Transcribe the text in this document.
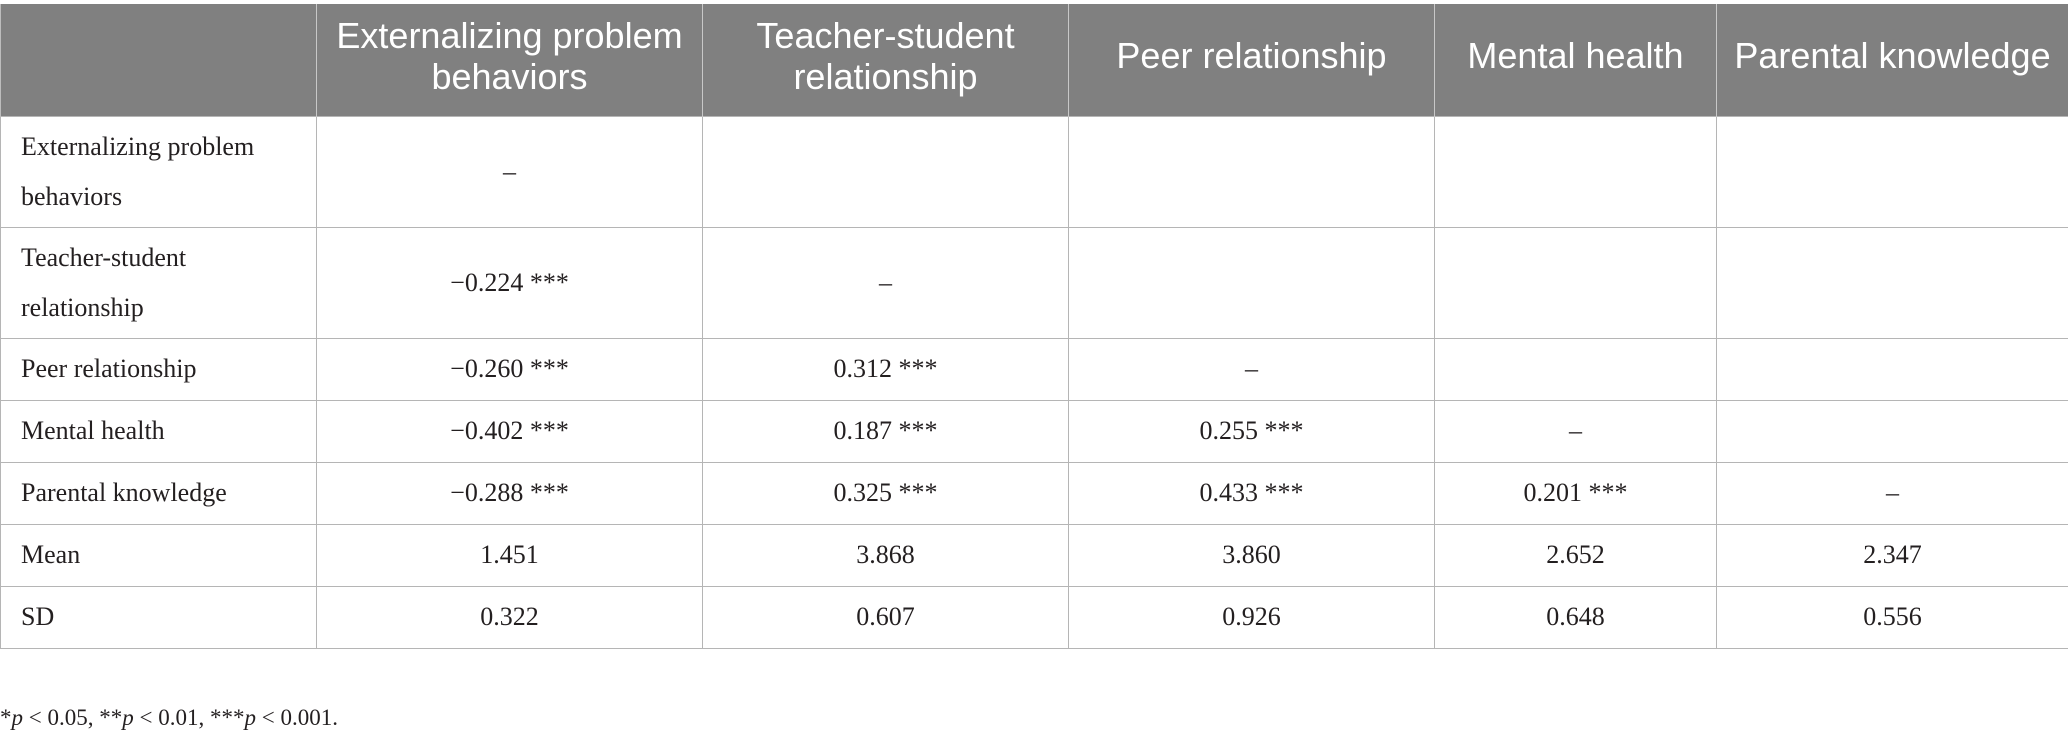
	Externalizing problem behaviors	Teacher-student relationship	Peer relationship	Mental health	Parental knowledge
Externalizing problem behaviors	–				
Teacher-student relationship	−0.224 ***	–			
Peer relationship	−0.260 ***	0.312 ***	–		
Mental health	−0.402 ***	0.187 ***	0.255 ***	–	
Parental knowledge	−0.288 ***	0.325 ***	0.433 ***	0.201 ***	–
Mean	1.451	3.868	3.860	2.652	2.347
SD	0.322	0.607	0.926	0.648	0.556
*p < 0.05, **p < 0.01, ***p < 0.001.
